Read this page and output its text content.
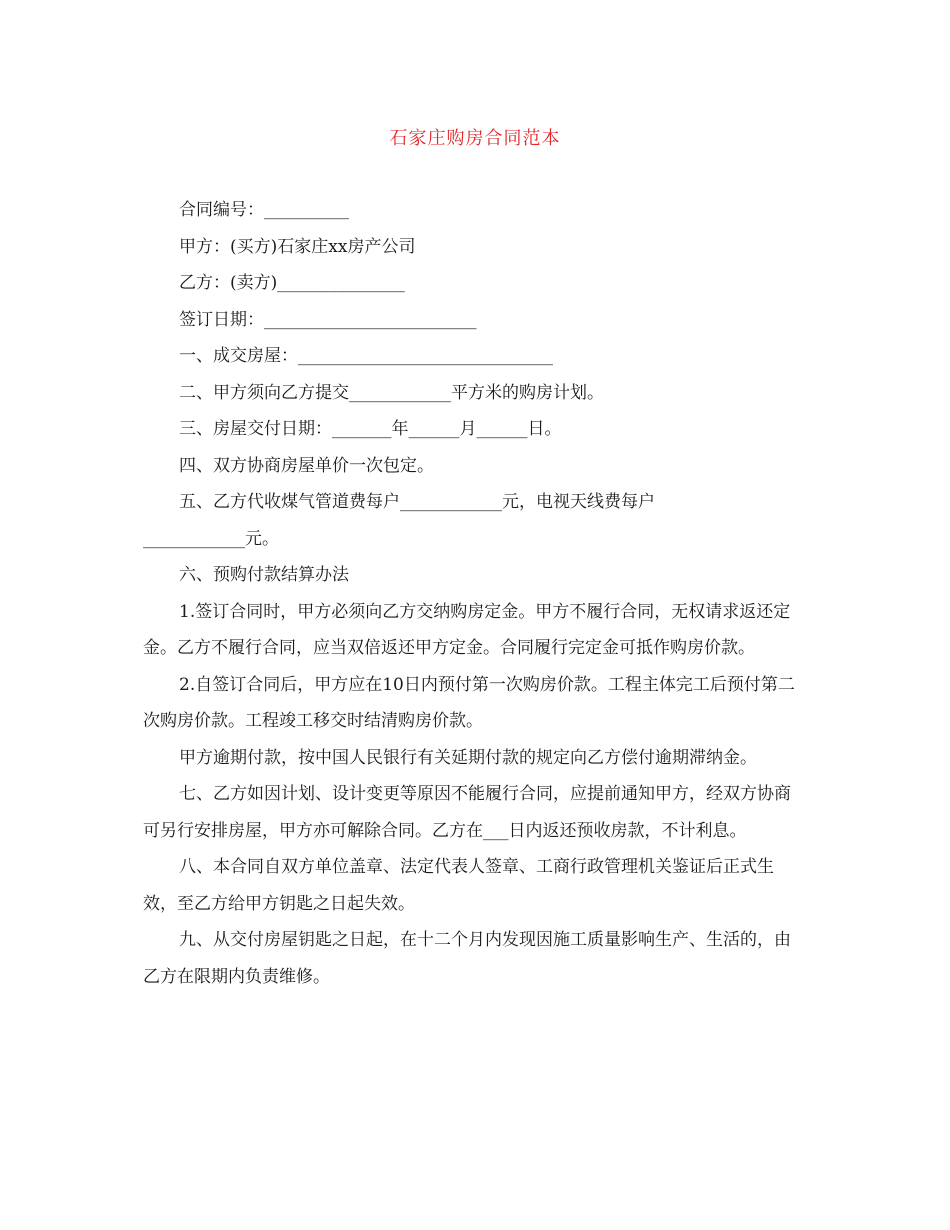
石家庄购房合同范本

合同编号：__________

甲方：(买方)石家庄xx房产公司

乙方：(卖方)_______________

签订日期：_________________________

一、成交房屋：______________________________

二、甲方须向乙方提交____________平方米的购房计划。

三、房屋交付日期：_______年______月______日。

四、双方协商房屋单价一次包定。

五、乙方代收煤气管道费每户____________元，电视天线费每户

____________元。

六、预购付款结算办法

1.签订合同时，甲方必须向乙方交纳购房定金。甲方不履行合同，无权请求返还定金。乙方不履行合同，应当双倍返还甲方定金。合同履行完定金可抵作购房价款。

2.自签订合同后，甲方应在10日内预付第一次购房价款。工程主体完工后预付第二次购房价款。工程竣工移交时结清购房价款。

甲方逾期付款，按中国人民银行有关延期付款的规定向乙方偿付逾期滞纳金。

七、乙方如因计划、设计变更等原因不能履行合同，应提前通知甲方，经双方协商可另行安排房屋，甲方亦可解除合同。乙方在___日内返还预收房款，不计利息。

八、本合同自双方单位盖章、法定代表人签章、工商行政管理机关鉴证后正式生效，至乙方给甲方钥匙之日起失效。

九、从交付房屋钥匙之日起，在十二个月内发现因施工质量影响生产、生活的，由乙方在限期内负责维修。
